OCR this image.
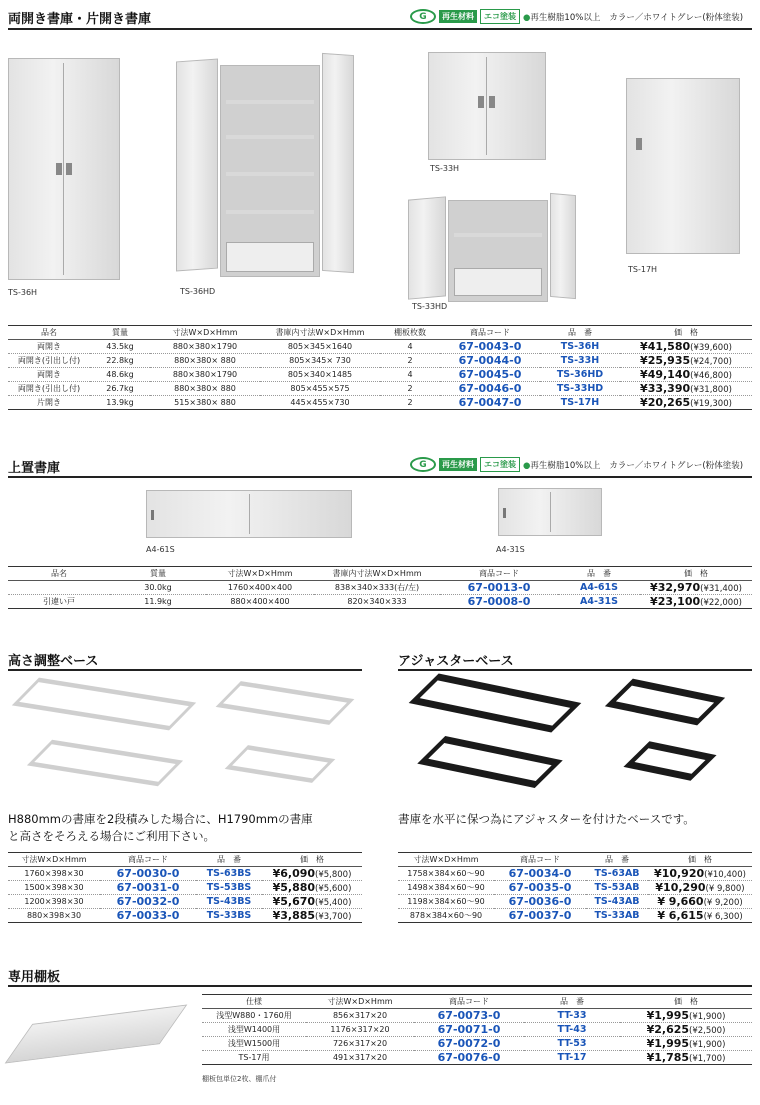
両開き書庫・片開き書庫	G	再生材料	エコ塗装 ●再生樹脂10%以上 カラー／ホワイトグレー(粉体塗装)
TS-36H	TS-36HD
TS-33H
TS-33HD
TS-17H
品名	質量	寸法W×D×Hmm	書庫内寸法W×D×Hmm	棚板枚数	商品コード	品　番	価　格
両開き	43.5kg	880×380×1790	805×345×1640	4	67-0043-0	TS-36H	¥41,580(¥39,600)
両開き(引出し付)	22.8kg	880×380× 880	805×345× 730	2	67-0044-0	TS-33H	¥25,935(¥24,700)
両開き	48.6kg	880×380×1790	805×340×1485	4	67-0045-0	TS-36HD	¥49,140(¥46,800)
両開き(引出し付)	26.7kg	880×380× 880	805×455×575	2	67-0046-0	TS-33HD	¥33,390(¥31,800)
片開き	13.9kg	515×380× 880	445×455×730	2	67-0047-0	TS-17H	¥20,265(¥19,300)
上置書庫	G	再生材料	エコ塗装 ●再生樹脂10%以上 カラー／ホワイトグレー(粉体塗装)
A4-61S	A4-31S
品名	質量	寸法W×D×Hmm	書庫内寸法W×D×Hmm	商品コード	品　番	価　格
	30.0kg	1760×400×400	838×340×333(右/左)	67-0013-0	A4-61S	¥32,970(¥31,400)
引違い戸	11.9kg	880×400×400	820×340×333	67-0008-0	A4-31S	¥23,100(¥22,000)
高さ調整ベース
H880mmの書庫を2段積みした場合に、H1790mmの書庫
と高さをそろえる場合にご利用下さい。
寸法W×D×Hmm	商品コード	品　番	価　格
1760×398×30	67-0030-0	TS-63BS	¥6,090(¥5,800)
1500×398×30	67-0031-0	TS-53BS	¥5,880(¥5,600)
1200×398×30	67-0032-0	TS-43BS	¥5,670(¥5,400)
880×398×30	67-0033-0	TS-33BS	¥3,885(¥3,700)
アジャスターベース
書庫を水平に保つ為にアジャスターを付けたベースです。
寸法W×D×Hmm	商品コード	品　番	価　格
1758×384×60～90	67-0034-0	TS-63AB	¥10,920(¥10,400)
1498×384×60～90	67-0035-0	TS-53AB	¥10,290(¥ 9,800)
1198×384×60～90	67-0036-0	TS-43AB	¥ 9,660(¥ 9,200)
878×384×60～90	67-0037-0	TS-33AB	¥ 6,615(¥ 6,300)
専用棚板
仕様	寸法W×D×Hmm	商品コード	品　番	価　格
浅型W880・1760用	856×317×20	67-0073-0	TT-33	¥1,995(¥1,900)
浅型W1400用	1176×317×20	67-0071-0	TT-43	¥2,625(¥2,500)
浅型W1500用	726×317×20	67-0072-0	TT-53	¥1,995(¥1,900)
TS-17用	491×317×20	67-0076-0	TT-17	¥1,785(¥1,700)
棚板包単位2枚、棚爪付
